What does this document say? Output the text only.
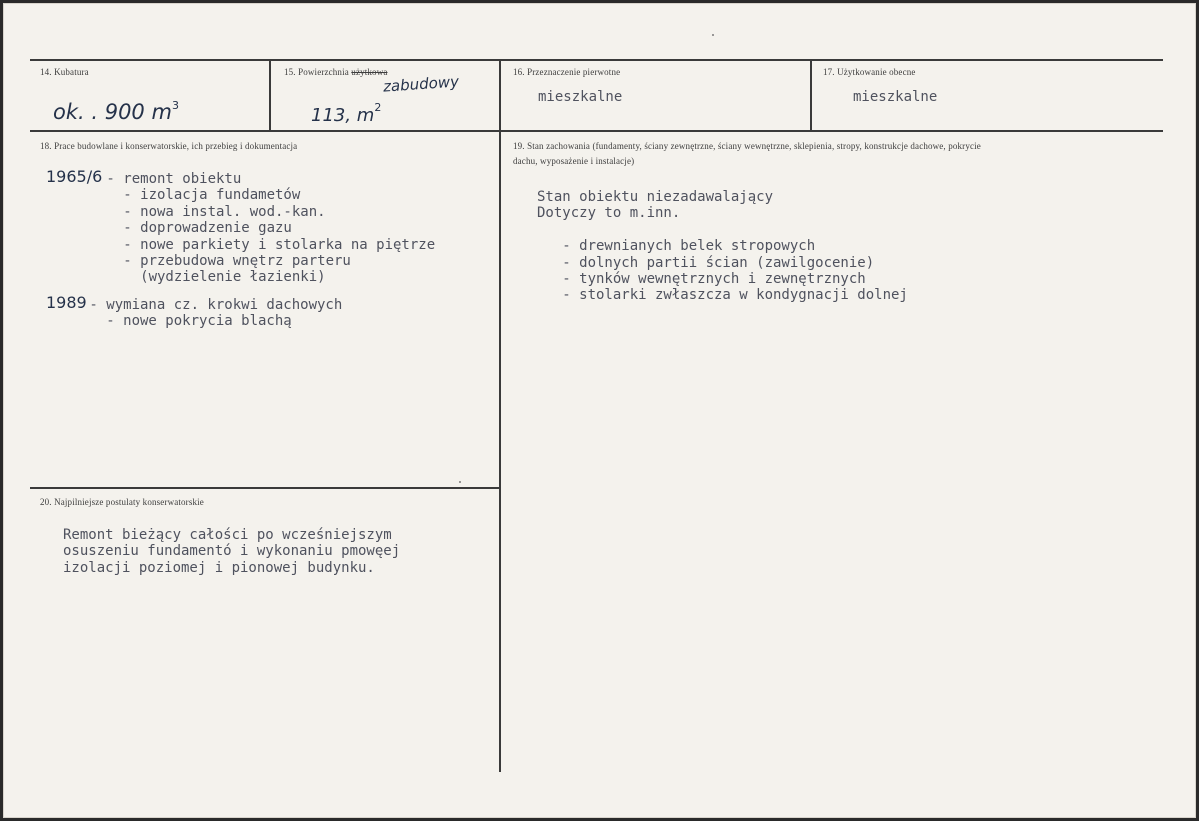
14. Kubatura
ok. . 900 $m^3$
15. Powierzchnia użytkowa
zabudowy
113, $m^2$
16. Przeznaczenie pierwotne
mieszkalne
17. Użytkowanie obecne
mieszkalne
18. Prace budowlane i konserwatorskie, ich przebieg i dokumentacja
1965/6 - remont obiektu
- izolacja fundametów
- nowa instal. wod.-kan.
- doprowadzenie gazu
- nowe parkiety i stolarka na piętrze
- przebudowa wnętrz parteru
(wydzielenie łazienki)
1989 - wymiana cz. krokwi dachowych
- nowe pokrycia blachą
19. Stan zachowania (fundamenty, ściany zewnętrzne, ściany wewnętrzne, sklepienia, stropy, konstrukcje dachowe, pokrycie dachu, wyposażenie i instalacje)
Stan obiektu niezadawalający
Dotyczy to m.inn.

- drewnianych belek stropowych
- dolnych partii ścian (zawilgocenie)
- tynków wewnętrznych i zewnętrznych
- stolarki zwłaszcza w kondygnacji dolnej
20. Najpilniejsze postulaty konserwatorskie
Remont bieżący całości po wcześniejszym
osuszeniu fundamentó i wykonaniu pmowęej
izolacji poziomej i pionowej budynku.
